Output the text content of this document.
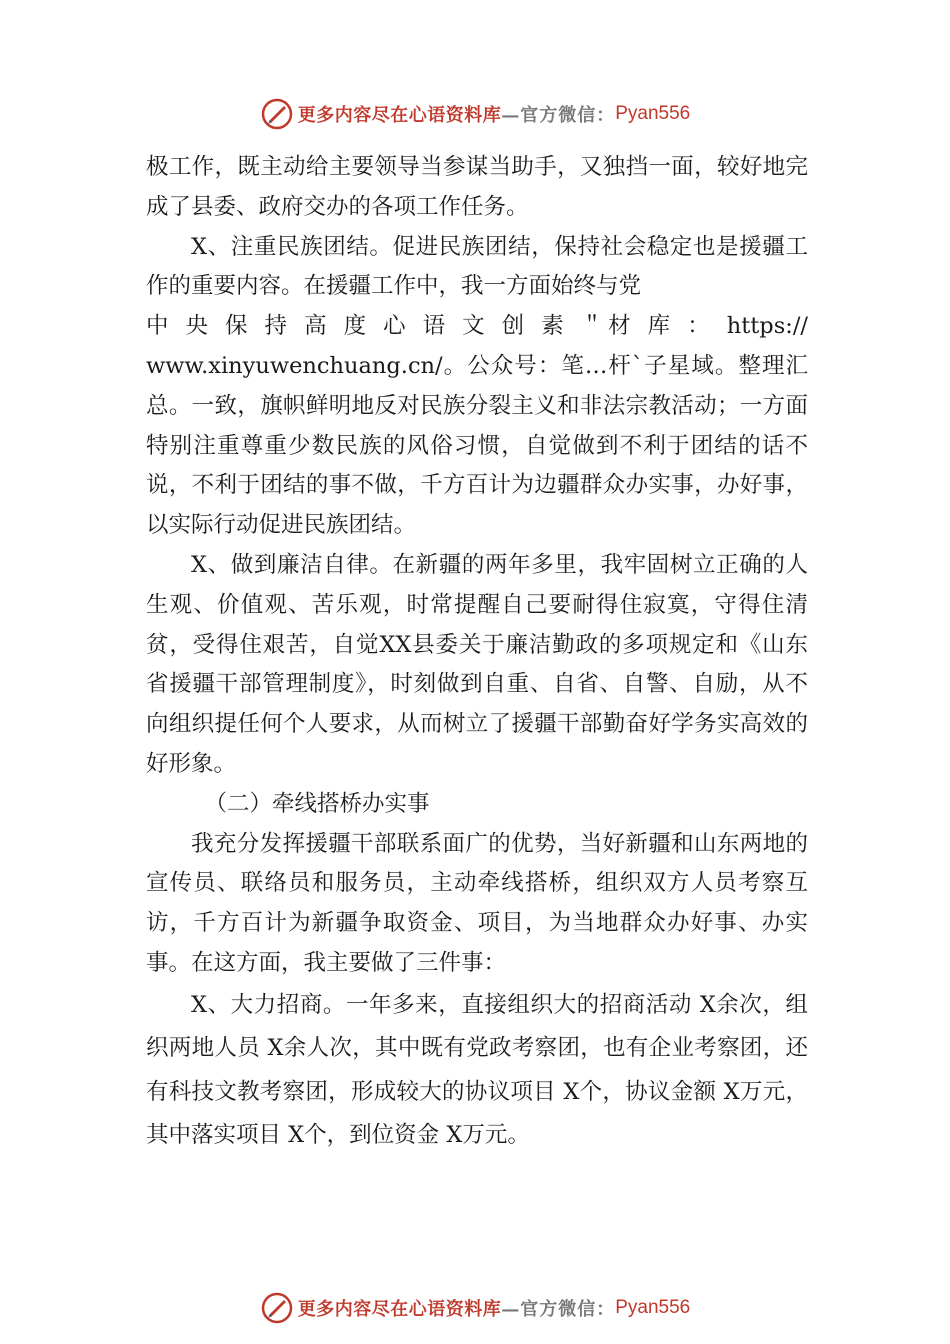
更多内容尽在心语资料库 —官方微信： Pyan556

极工作，既主动给主要领导当参谋当助手，又独挡一面，较好地完成了县委、政府交办的各项工作任务。

X、注重民族团结。促进民族团结，保持社会稳定也是援疆工作的重要内容。在援疆工作中，我一方面始终与党

中 央 保 持 高 度 心 语 文 创 素 ＂材 库 ： https://

www.xinyuwenchuang.cn/。公众号：笔…杆`子星域。整理汇总。一致，旗帜鲜明地反对民族分裂主义和非法宗教活动；一方面特别注重尊重少数民族的风俗习惯，自觉做到不利于团结的话不说，不利于团结的事不做，千方百计为边疆群众办实事，办好事，以实际行动促进民族团结。

X、做到廉洁自律。在新疆的两年多里，我牢固树立正确的人生观、价值观、苦乐观，时常提醒自己要耐得住寂寞，守得住清贫，受得住艰苦，自觉XX县委关于廉洁勤政的多项规定和《山东省援疆干部管理制度》，时刻做到自重、自省、自警、自励，从不向组织提任何个人要求，从而树立了援疆干部勤奋好学务实高效的好形象。

（二）牵线搭桥办实事

我充分发挥援疆干部联系面广的优势，当好新疆和山东两地的宣传员、联络员和服务员，主动牵线搭桥，组织双方人员考察互访，千方百计为新疆争取资金、项目，为当地群众办好事、办实事。在这方面，我主要做了三件事：

X、大力招商。一年多来，直接组织大的招商活动 X余次，组织两地人员 X余人次，其中既有党政考察团，也有企业考察团，还有科技文教考察团，形成较大的协议项目 X个，协议金额 X万元，其中落实项目 X个，到位资金 X万元。

更多内容尽在心语资料库 —官方微信： Pyan556
